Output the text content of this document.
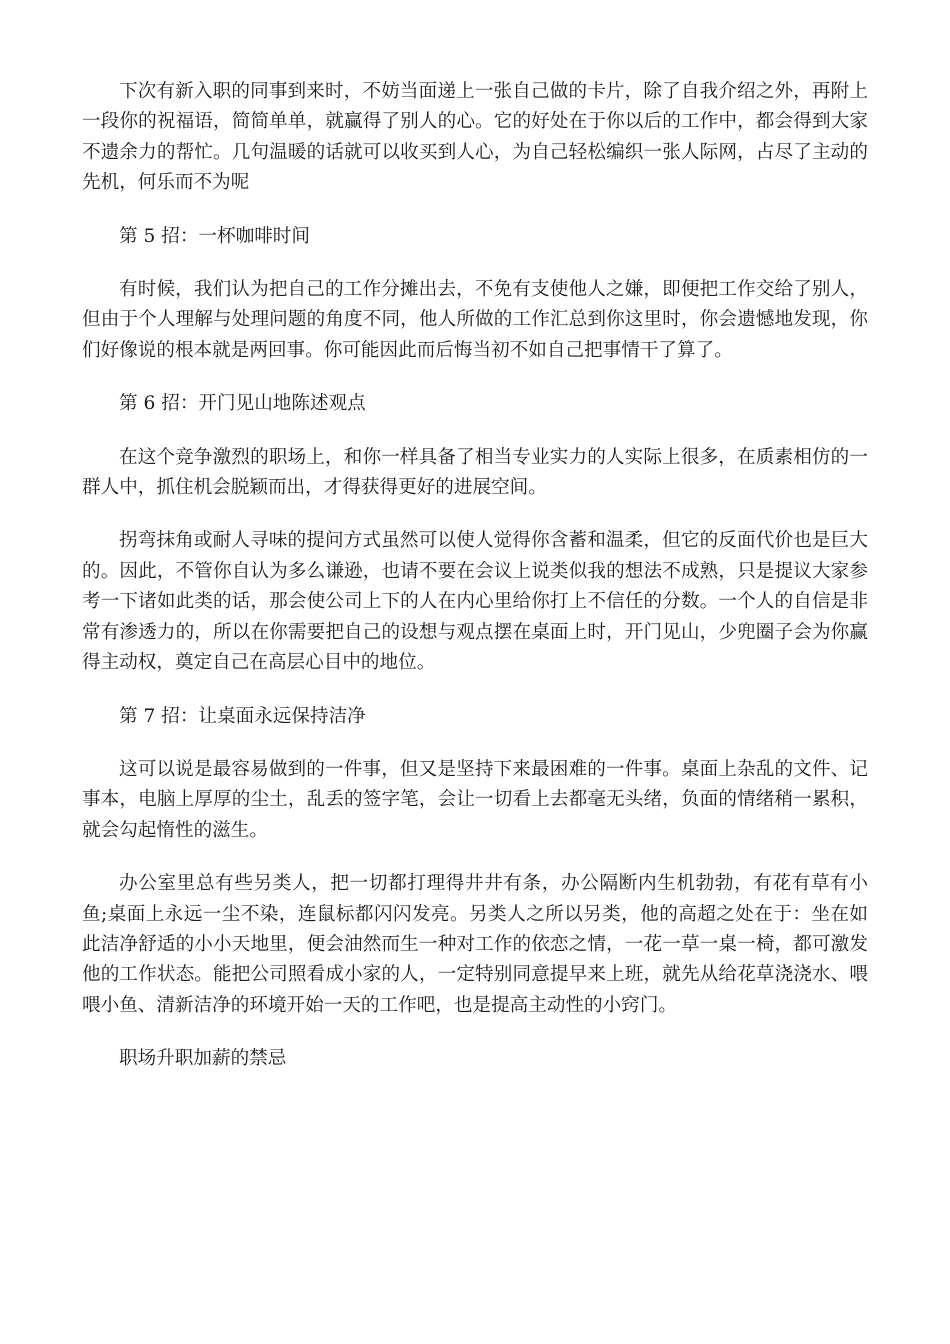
下次有新入职的同事到来时，不妨当面递上一张自己做的卡片，除了自我介绍之外，再附上一段你的祝福语，简简单单，就赢得了别人的心。它的好处在于你以后的工作中，都会得到大家不遗余力的帮忙。几句温暖的话就可以收买到人心，为自己轻松编织一张人际网，占尽了主动的先机，何乐而不为呢

第 5 招：一杯咖啡时间

有时候，我们认为把自己的工作分摊出去，不免有支使他人之嫌，即便把工作交给了别人，但由于个人理解与处理问题的角度不同，他人所做的工作汇总到你这里时，你会遗憾地发现，你们好像说的根本就是两回事。你可能因此而后悔当初不如自己把事情干了算了。

第 6 招：开门见山地陈述观点

在这个竞争激烈的职场上，和你一样具备了相当专业实力的人实际上很多，在质素相仿的一群人中，抓住机会脱颖而出，才得获得更好的进展空间。

拐弯抹角或耐人寻味的提问方式虽然可以使人觉得你含蓄和温柔，但它的反面代价也是巨大的。因此，不管你自认为多么谦逊，也请不要在会议上说类似我的想法不成熟，只是提议大家参考一下诸如此类的话，那会使公司上下的人在内心里给你打上不信任的分数。一个人的自信是非常有渗透力的，所以在你需要把自己的设想与观点摆在桌面上时，开门见山，少兜圈子会为你赢得主动权，奠定自己在高层心目中的地位。

第 7 招：让桌面永远保持洁净

这可以说是最容易做到的一件事，但又是坚持下来最困难的一件事。桌面上杂乱的文件、记事本，电脑上厚厚的尘土，乱丢的签字笔，会让一切看上去都毫无头绪，负面的情绪稍一累积，就会勾起惰性的滋生。

办公室里总有些另类人，把一切都打理得井井有条，办公隔断内生机勃勃，有花有草有小鱼;桌面上永远一尘不染，连鼠标都闪闪发亮。另类人之所以另类，他的高超之处在于：坐在如此洁净舒适的小小天地里，便会油然而生一种对工作的依恋之情，一花一草一桌一椅，都可激发他的工作状态。能把公司照看成小家的人，一定特别同意提早来上班，就先从给花草浇浇水、喂喂小鱼、清新洁净的环境开始一天的工作吧，也是提高主动性的小窍门。

职场升职加薪的禁忌
